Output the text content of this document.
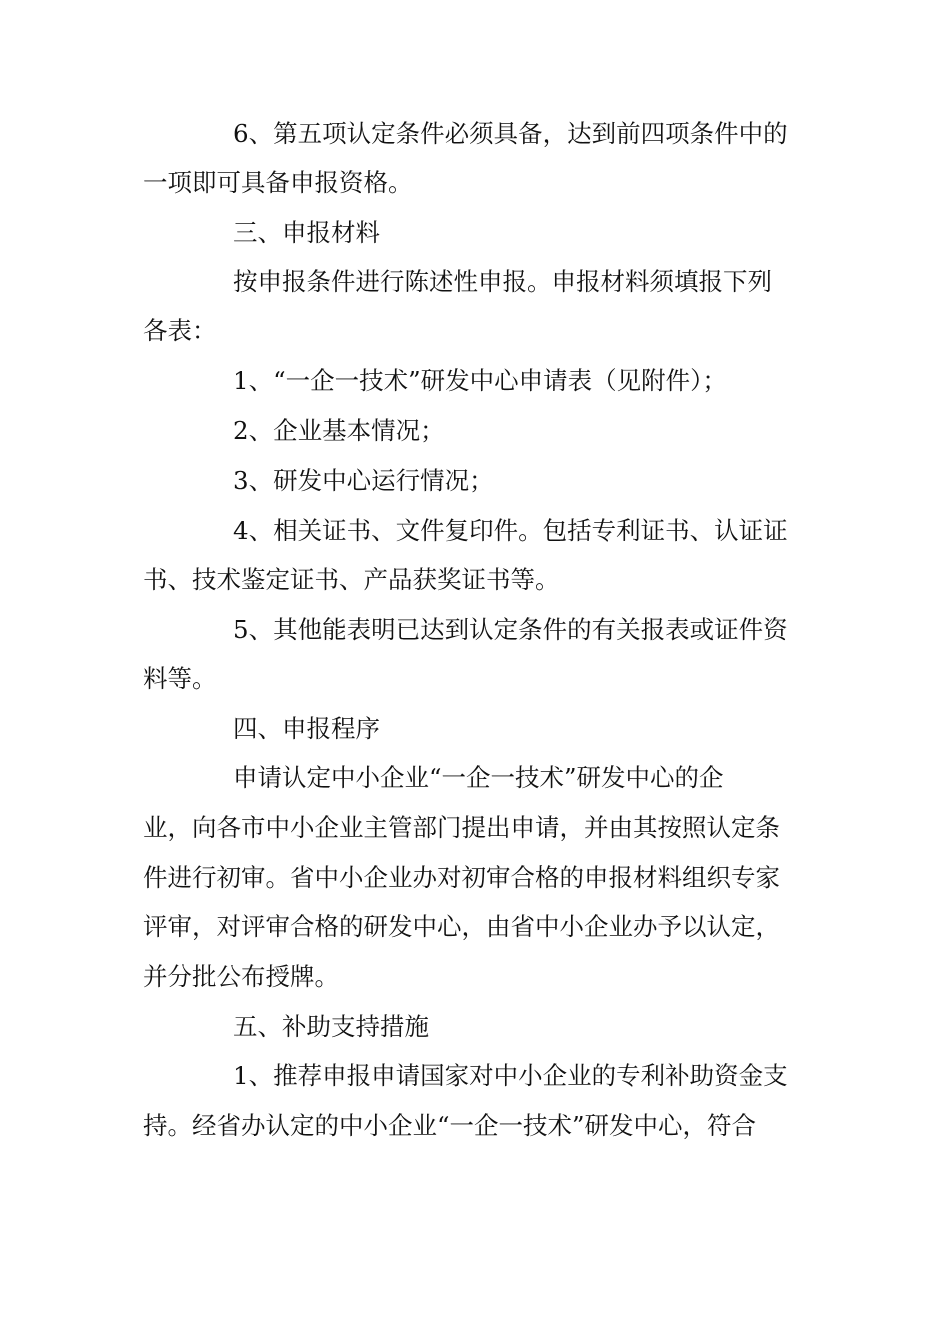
6、第五项认定条件必须具备，达到前四项条件中的
一项即可具备申报资格。
三、申报材料
按申报条件进行陈述性申报。申报材料须填报下列
各表：
1、“一企一技术”研发中心申请表（见附件）；
2、企业基本情况；
3、研发中心运行情况；
4、相关证书、文件复印件。包括专利证书、认证证
书、技术鉴定证书、产品获奖证书等。
5、其他能表明已达到认定条件的有关报表或证件资
料等。
四、申报程序
申请认定中小企业“一企一技术”研发中心的企
业，向各市中小企业主管部门提出申请，并由其按照认定条
件进行初审。省中小企业办对初审合格的申报材料组织专家
评审，对评审合格的研发中心，由省中小企业办予以认定，
并分批公布授牌。
五、补助支持措施
1、推荐申报申请国家对中小企业的专利补助资金支
持。经省办认定的中小企业“一企一技术”研发中心，符合
